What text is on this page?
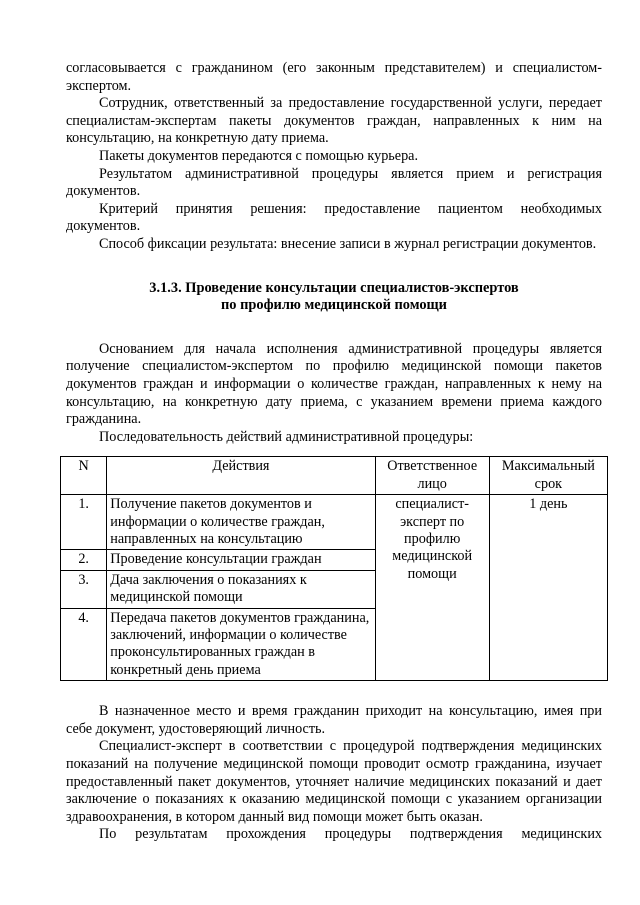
согласовывается с гражданином (его законным представителем) и специалистом-экспертом.

Сотрудник, ответственный за предоставление государственной услуги, передает специалистам-экспертам пакеты документов граждан, направленных к ним на консультацию, на конкретную дату приема.

Пакеты документов передаются с помощью курьера.

Результатом административной процедуры является прием и регистрация документов.

Критерий принятия решения: предоставление пациентом необходимых документов.

Способ фиксации результата: внесение записи в журнал регистрации документов.

3.1.3. Проведение консультации специалистов-экспертов
по профилю медицинской помощи

Основанием для начала исполнения административной процедуры является получение специалистом-экспертом по профилю медицинской помощи пакетов документов граждан и информации о количестве граждан, направленных к нему на консультацию, на конкретную дату приема, с указанием времени приема каждого гражданина.

Последовательность действий административной процедуры:

N	Действия	Ответственное лицо	Максимальный срок
1.	Получение пакетов документов и информации о количестве граждан, направленных на консультацию	специалист-эксперт по профилю медицинской помощи	1 день
2.	Проведение консультации граждан		
3.	Дача заключения о показаниях к медицинской помощи		
4.	Передача пакетов документов гражданина, заключений, информации о количестве проконсультированных граждан в конкретный день приема		

В назначенное место и время гражданин приходит на консультацию, имея при себе документ, удостоверяющий личность.

Специалист-эксперт в соответствии с процедурой подтверждения медицинских показаний на получение медицинской помощи проводит осмотр гражданина, изучает предоставленный пакет документов, уточняет наличие медицинских показаний и дает заключение о показаниях к оказанию медицинской помощи с указанием организации здравоохранения, в котором данный вид помощи может быть оказан.

По результатам прохождения процедуры подтверждения медицинских
